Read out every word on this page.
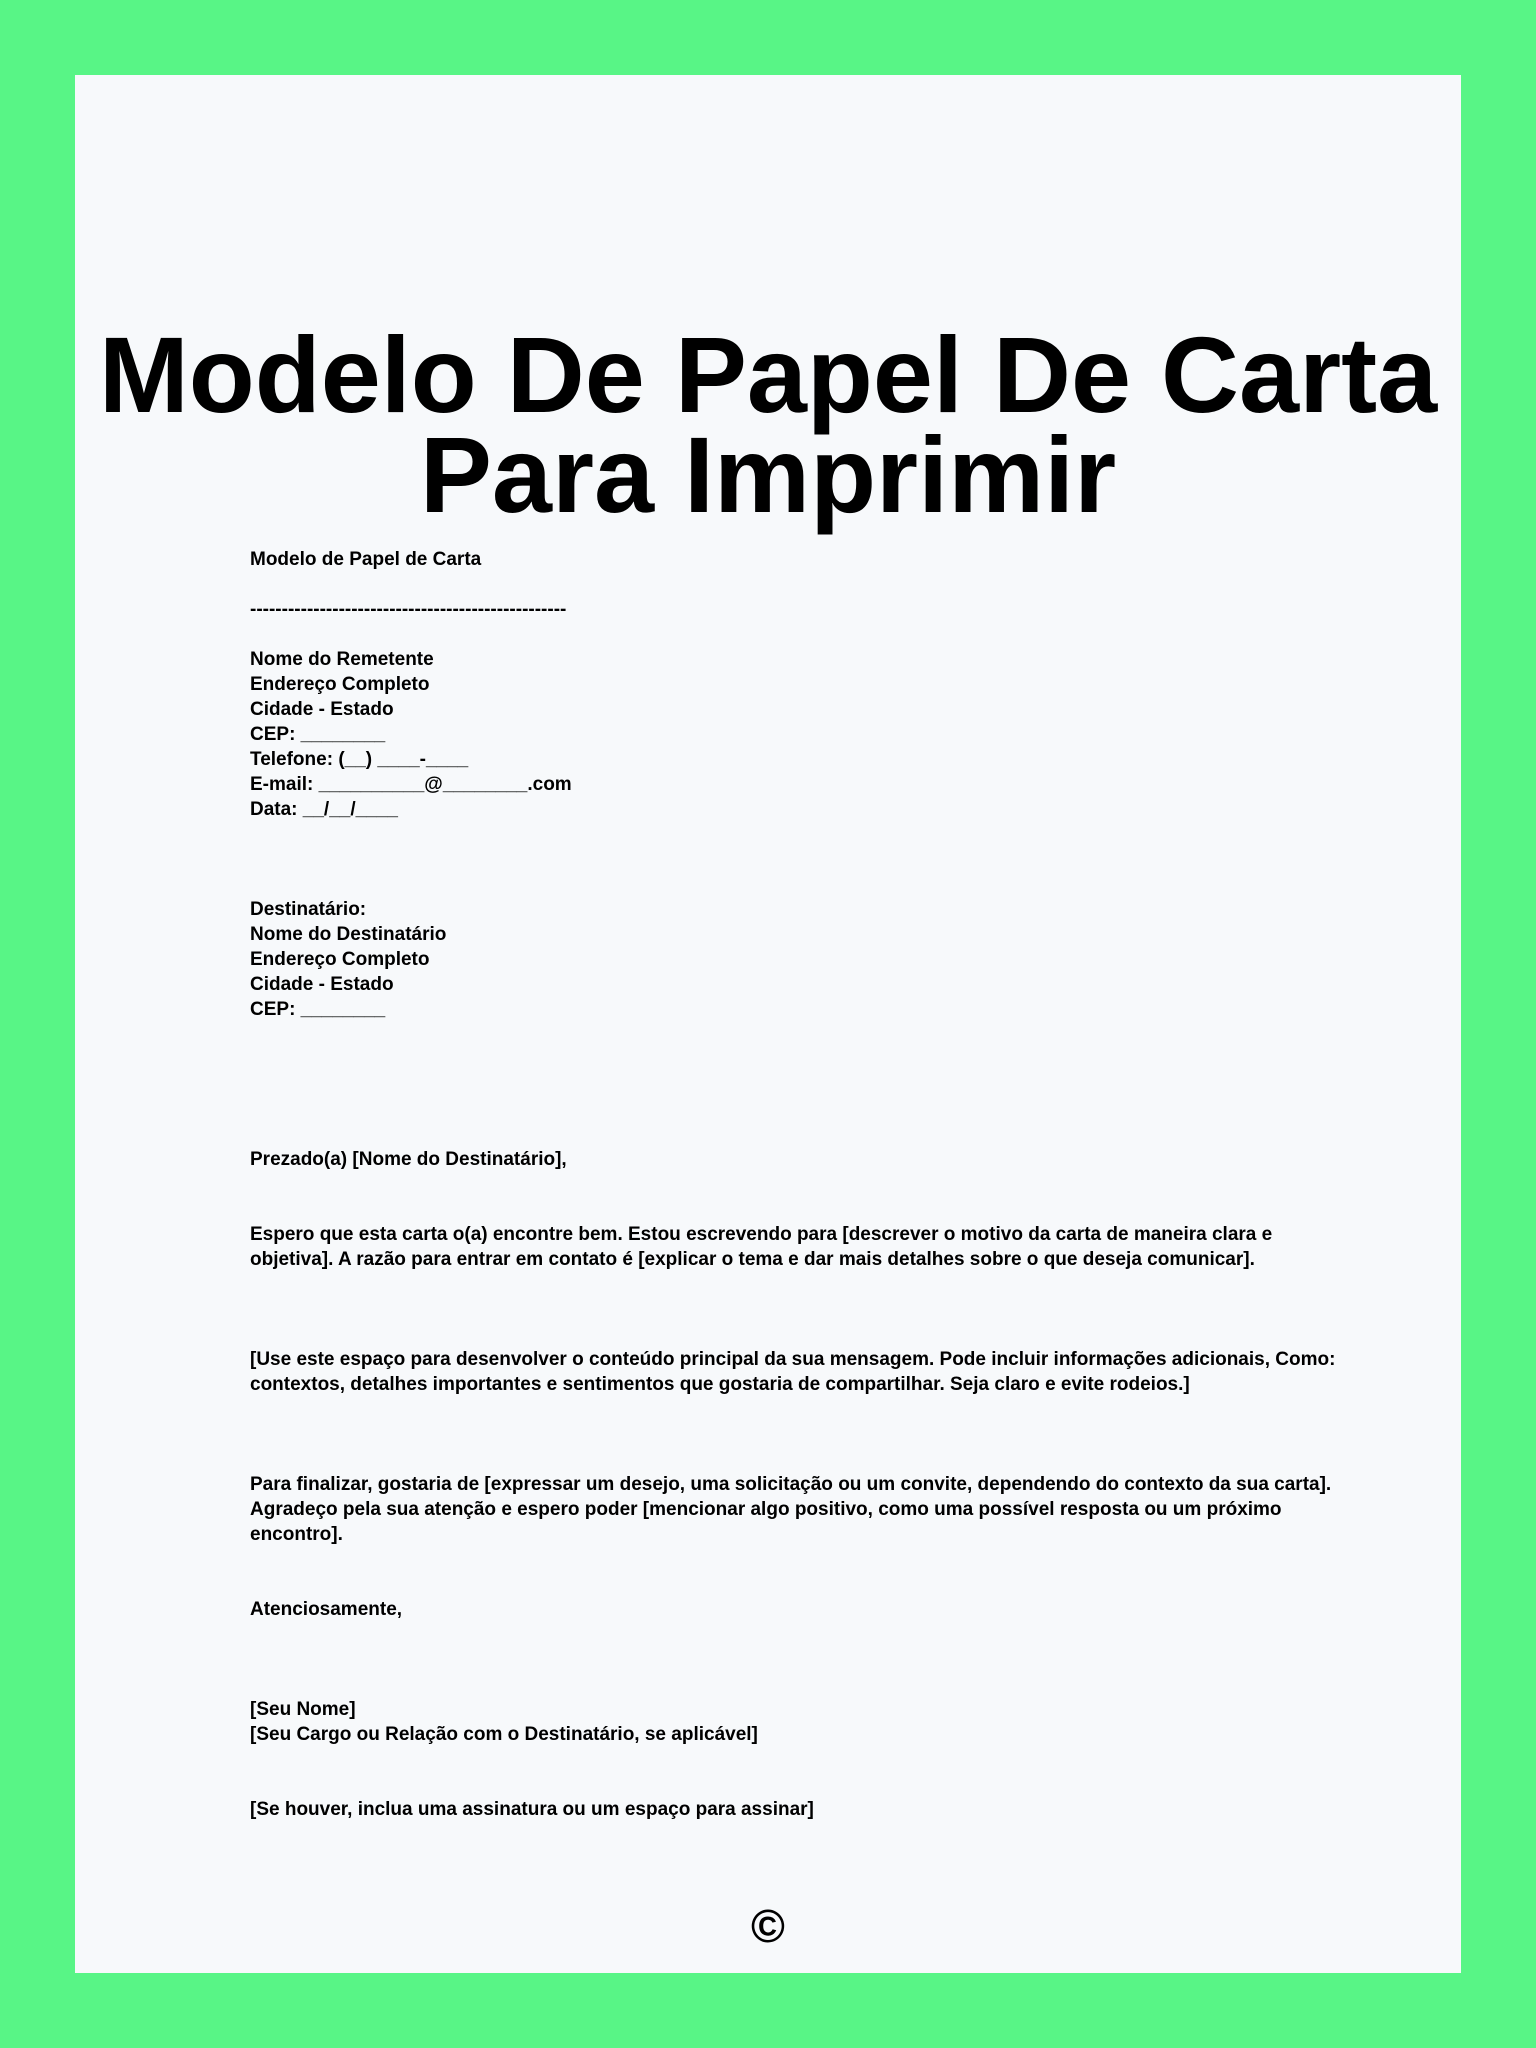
Modelo De Papel De Carta
Para Imprimir

Modelo de Papel de Carta

--------------------------------------------------

Nome do Remetente
Endereço Completo
Cidade - Estado
CEP: ________
Telefone: (__) ____-____
E-mail: __________@________.com
Data: __/__/____
Destinatário:
Nome do Destinatário
Endereço Completo
Cidade - Estado
CEP: ________

Prezado(a) [Nome do Destinatário],

Espero que esta carta o(a) encontre bem. Estou escrevendo para [descrever o motivo da carta de maneira clara e objetiva]. A razão para entrar em contato é [explicar o tema e dar mais detalhes sobre o que deseja comunicar].

[Use este espaço para desenvolver o conteúdo principal da sua mensagem. Pode incluir informações adicionais, Como: contextos, detalhes importantes e sentimentos que gostaria de compartilhar. Seja claro e evite rodeios.]

Para finalizar, gostaria de [expressar um desejo, uma solicitação ou um convite, dependendo do contexto da sua carta]. Agradeço pela sua atenção e espero poder [mencionar algo positivo, como uma possível resposta ou um próximo encontro].

Atenciosamente,

[Seu Nome]
[Seu Cargo ou Relação com o Destinatário, se aplicável]

[Se houver, inclua uma assinatura ou um espaço para assinar]

©
